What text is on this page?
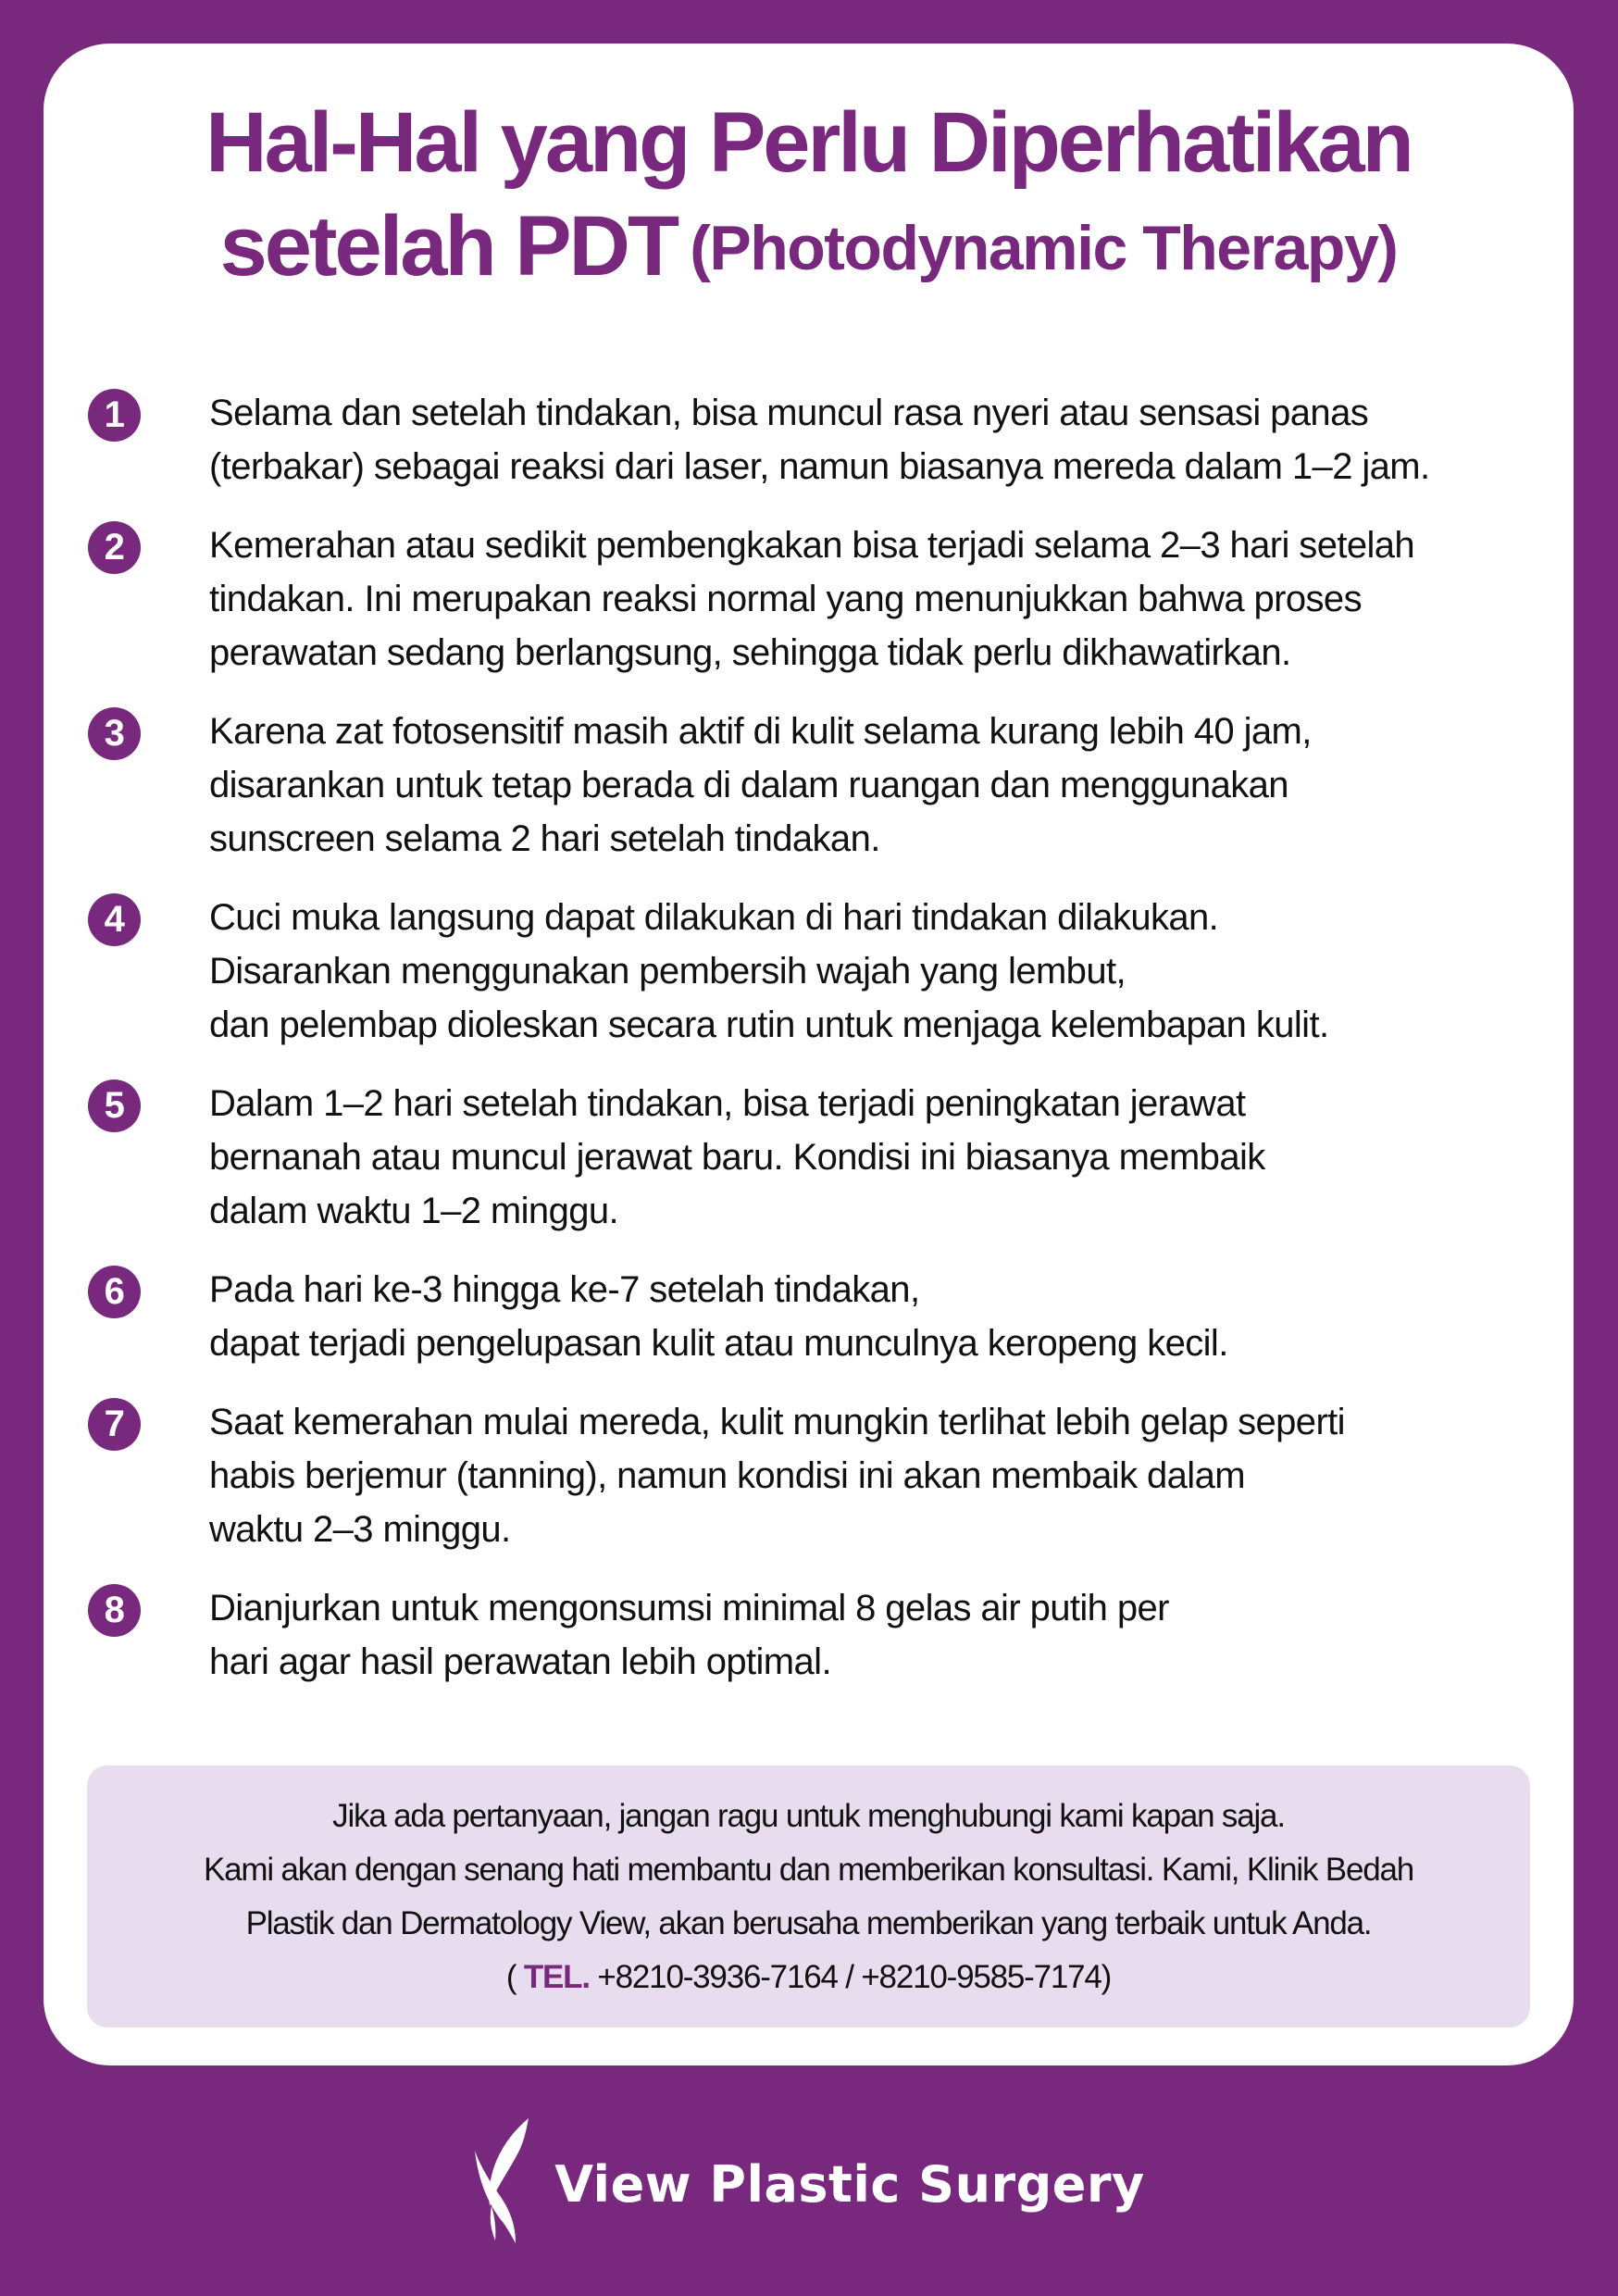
Hal-Hal yang Perlu Diperhatikan
setelah PDT (Photodynamic Therapy)
1	Selama dan setelah tindakan, bisa muncul rasa nyeri atau sensasi panas
(terbakar) sebagai reaksi dari laser, namun biasanya mereda dalam 1–2 jam.
2	Kemerahan atau sedikit pembengkakan bisa terjadi selama 2–3 hari setelah
tindakan. Ini merupakan reaksi normal yang menunjukkan bahwa proses
perawatan sedang berlangsung, sehingga tidak perlu dikhawatirkan.
3	Karena zat fotosensitif masih aktif di kulit selama kurang lebih 40 jam,
disarankan untuk tetap berada di dalam ruangan dan menggunakan
sunscreen selama 2 hari setelah tindakan.
4	Cuci muka langsung dapat dilakukan di hari tindakan dilakukan.
Disarankan menggunakan pembersih wajah yang lembut,
dan pelembap dioleskan secara rutin untuk menjaga kelembapan kulit.
5	Dalam 1–2 hari setelah tindakan, bisa terjadi peningkatan jerawat
bernanah atau muncul jerawat baru. Kondisi ini biasanya membaik
dalam waktu 1–2 minggu.
6	Pada hari ke-3 hingga ke-7 setelah tindakan,
dapat terjadi pengelupasan kulit atau munculnya keropeng kecil.
7	Saat kemerahan mulai mereda, kulit mungkin terlihat lebih gelap seperti
habis berjemur (tanning), namun kondisi ini akan membaik dalam
waktu 2–3 minggu.
8	Dianjurkan untuk mengonsumsi minimal 8 gelas air putih per
hari agar hasil perawatan lebih optimal.
Jika ada pertanyaan, jangan ragu untuk menghubungi kami kapan saja.
Kami akan dengan senang hati membantu dan memberikan konsultasi. Kami, Klinik Bedah
Plastik dan Dermatology View, akan berusaha memberikan yang terbaik untuk Anda.
( TEL. +8210-3936-7164 / +8210-9585-7174)
View Plastic Surgery
